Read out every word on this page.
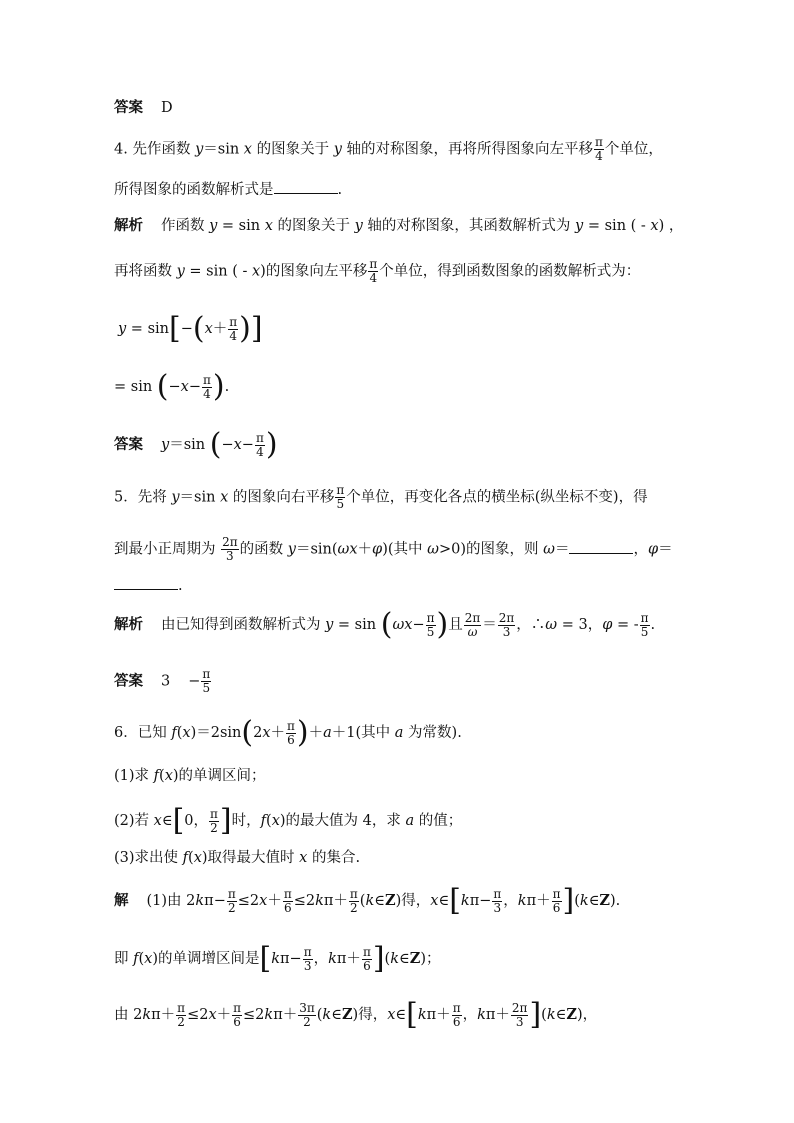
答案 D
4. 先作函数 y＝sin x 的图象关于 y 轴的对称图象，再将所得图象向左平移 $\frac{\pi}{4}$ 个单位，
所得图象的函数解析式是	.
解析 作函数 y = sin x 的图象关于 y 轴的对称图象，其函数解析式为 y = sin ( - x) ，
再将函数 y = sin ( - x)的图象向左平移 $\frac{\pi}{4}$ 个单位，得到函数图象的函数解析式为：
$y = \sin[-(x+ \frac{\pi}{4}$ )]
= $\sin (-x- \frac{\pi}{4}$ ).
答案 y＝sin ($-x- \frac{\pi}{4}$ )
5．先将 y＝sin x 的图象向右平移 $\frac{\pi}{5}$ 个单位，再变化各点的横坐标(纵坐标不变)，得
到最小正周期为 $\frac{2\pi}{3}$ 的函数 y＝sin(ωx＋φ)(其中 ω>0)的图象，则 ω＝	，φ＝
.
解析 由已知得到函数解析式为 $y = \sin (\omega x- \frac{\pi}{5}$ )且 $\frac{2\pi}{\omega} = \frac{2\pi}{3}$ ，∴ω = 3，φ = - $\frac{\pi}{5}$ .
答案 $3 - \frac{\pi}{5}$
6．已知 $f(x)=2\sin(2x+ \frac{\pi}{6} )+a+1$(其中 a 为常数).
(1)求 f(x)的单调区间；
(2)若 x∈[0， $\frac{\pi}{2}$ ]时，f(x)的最大值为 4，求 a 的值；
(3)求出使 f(x)取得最大值时 x 的集合.
解 (1)由 $2k\pi- \frac{\pi}{2} \le 2x+ \frac{\pi}{6} \le 2k\pi+ \frac{\pi}{2}$ (k∈Z)得，x∈[kπ− $\frac{\pi}{3}$ ，$k\pi+ \frac{\pi}{6}$ ](k∈Z).
即 f(x)的单调增区间是[$k\pi- \frac{\pi}{3}$ ，$k\pi+ \frac{\pi}{6}$ ](k∈Z)；
由 $2k\pi+ \frac{\pi}{2} \le 2x+ \frac{\pi}{6} \le 2k\pi+ \frac{3\pi}{2}$ (k∈Z)得，x∈[kπ＋ $\frac{\pi}{6}$ ，$k\pi+ \frac{2\pi}{3}$ ](k∈Z)，
